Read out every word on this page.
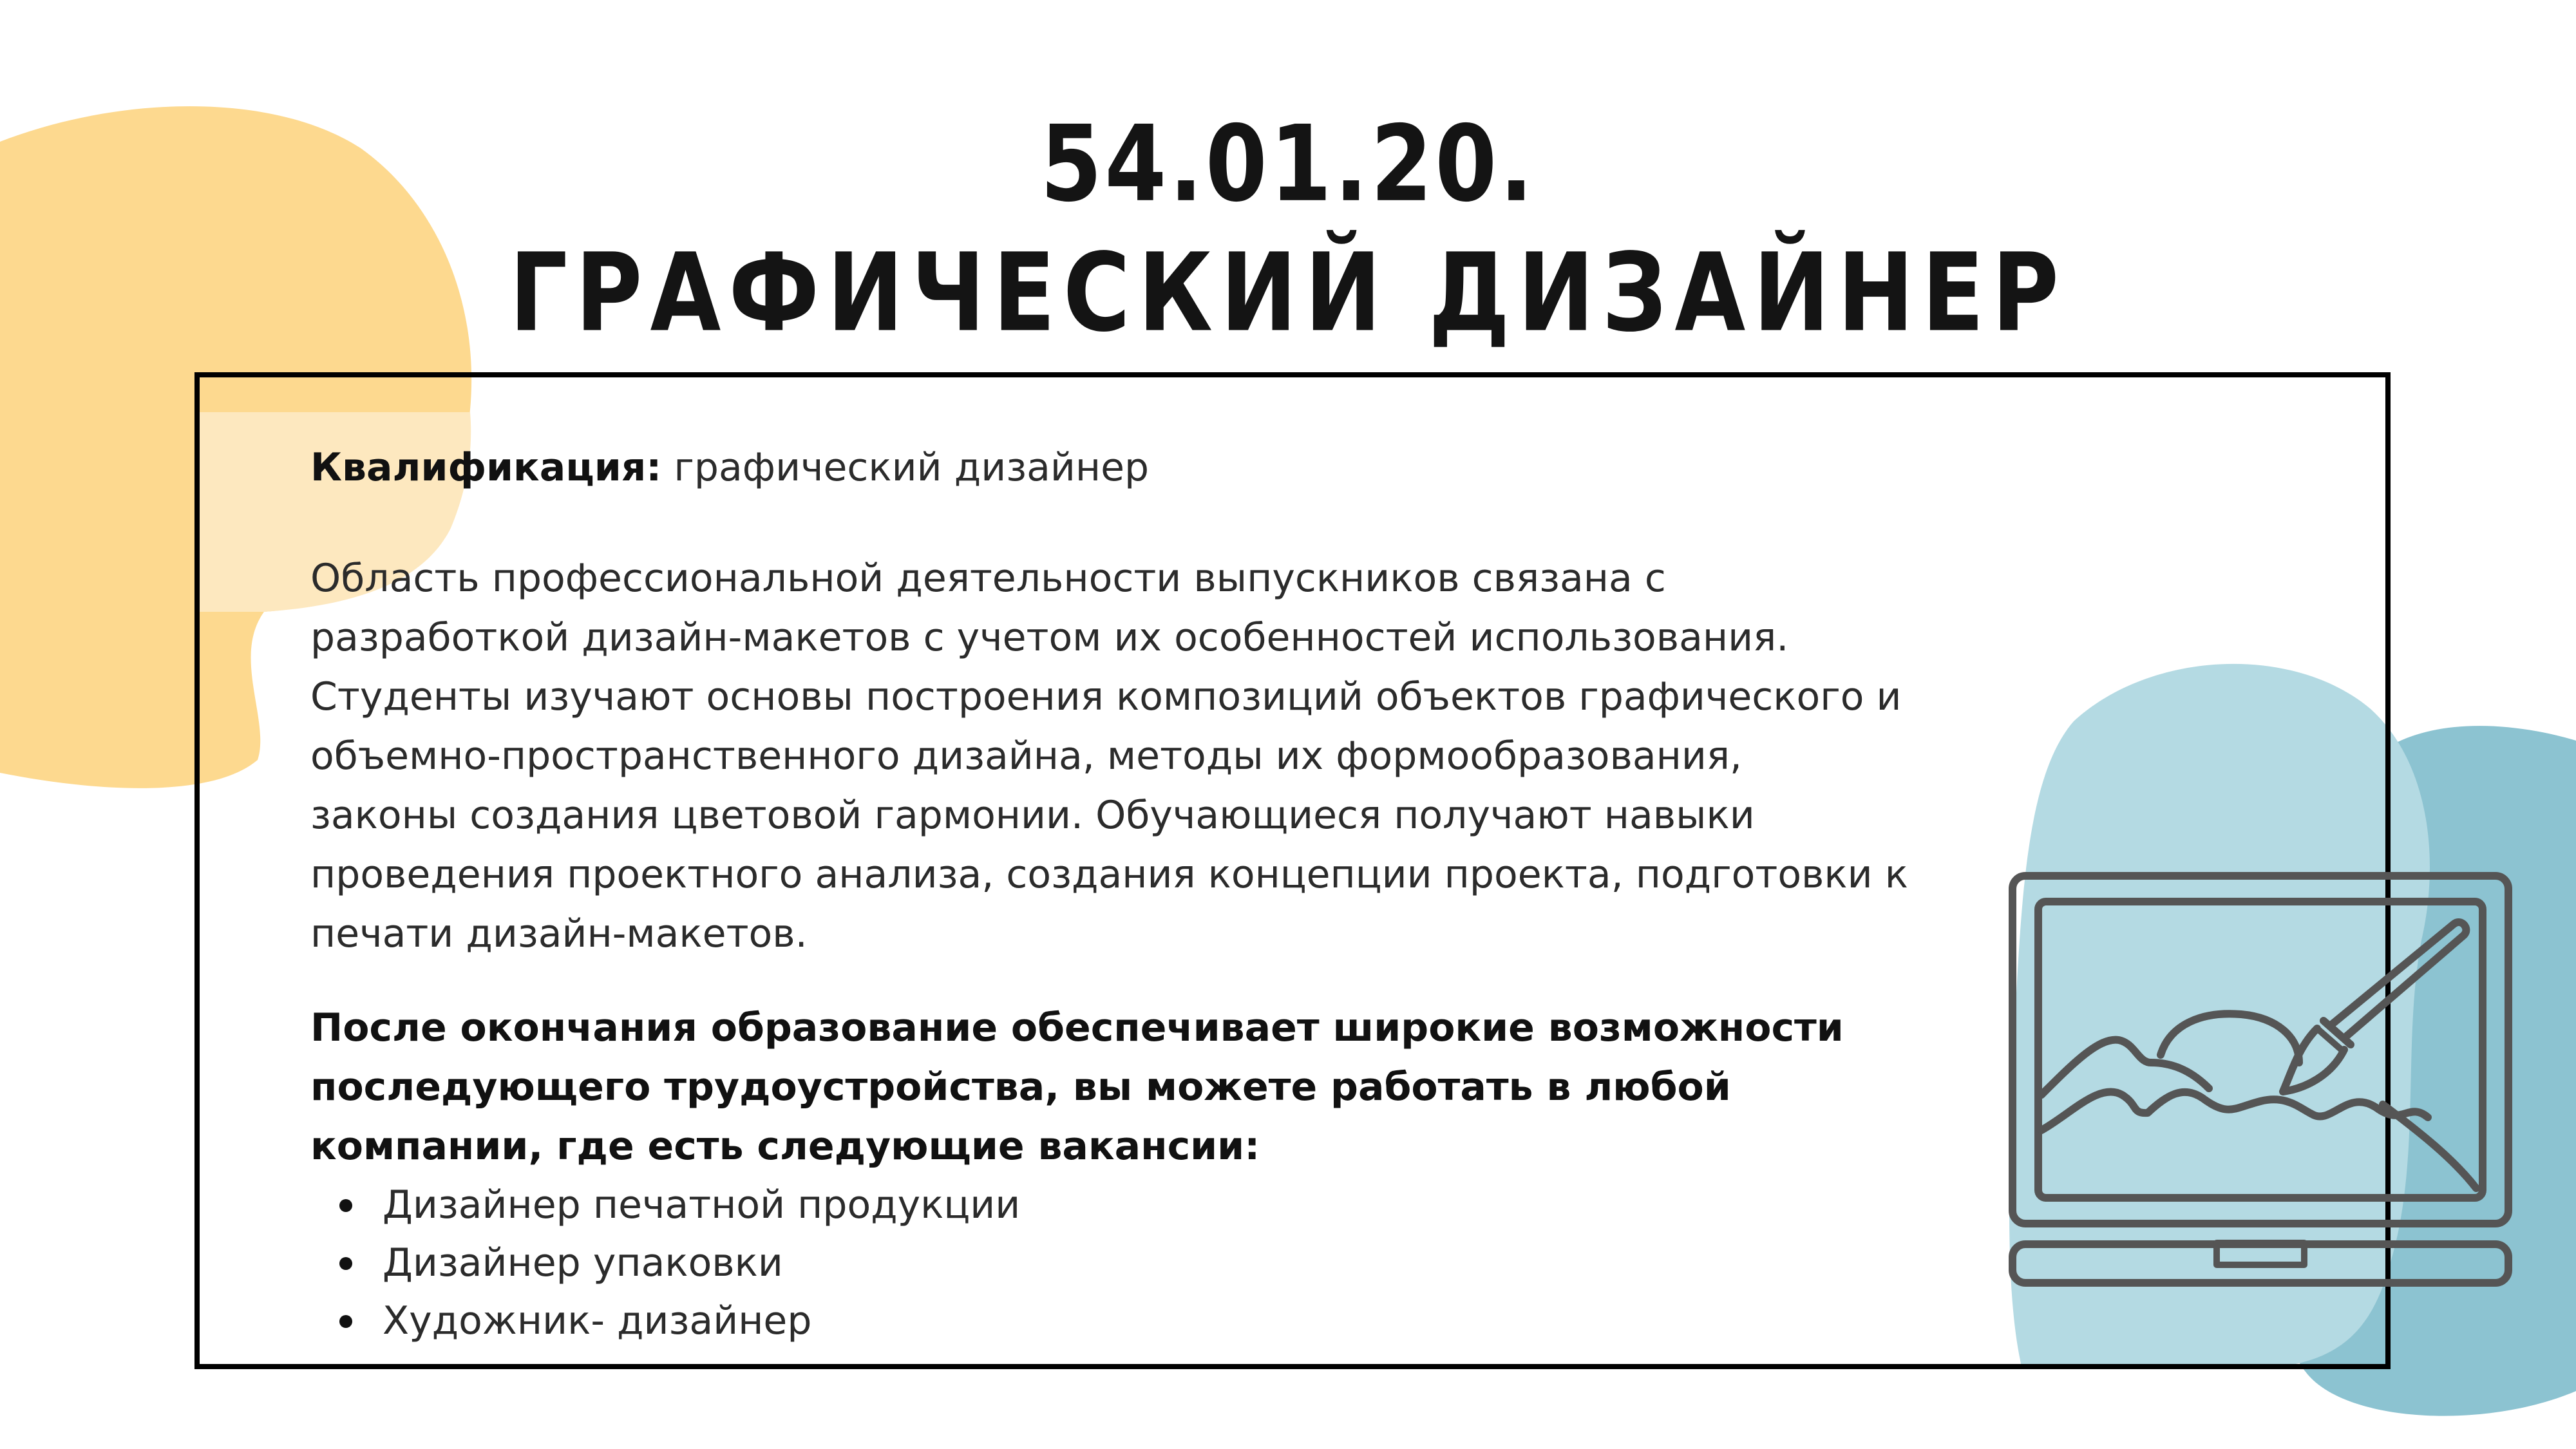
54.01.20.
ГРАФИЧЕСКИЙ ДИЗАЙНЕР
Квалификация: графический дизайнер
Область профессиональной деятельности выпускников связана с
разработкой дизайн-макетов с учетом их особенностей использования.
Студенты изучают основы построения композиций объектов графического и
объемно-пространственного дизайна, методы их формообразования,
законы создания цветовой гармонии. Обучающиеся получают навыки
проведения проектного анализа, создания концепции проекта, подготовки к
печати дизайн-макетов.
После окончания образование обеспечивает широкие возможности
последующего трудоустройства, вы можете работать в любой
компании, где есть следующие вакансии:
Дизайнер печатной продукции
Дизайнер упаковки
Художник- дизайнер
